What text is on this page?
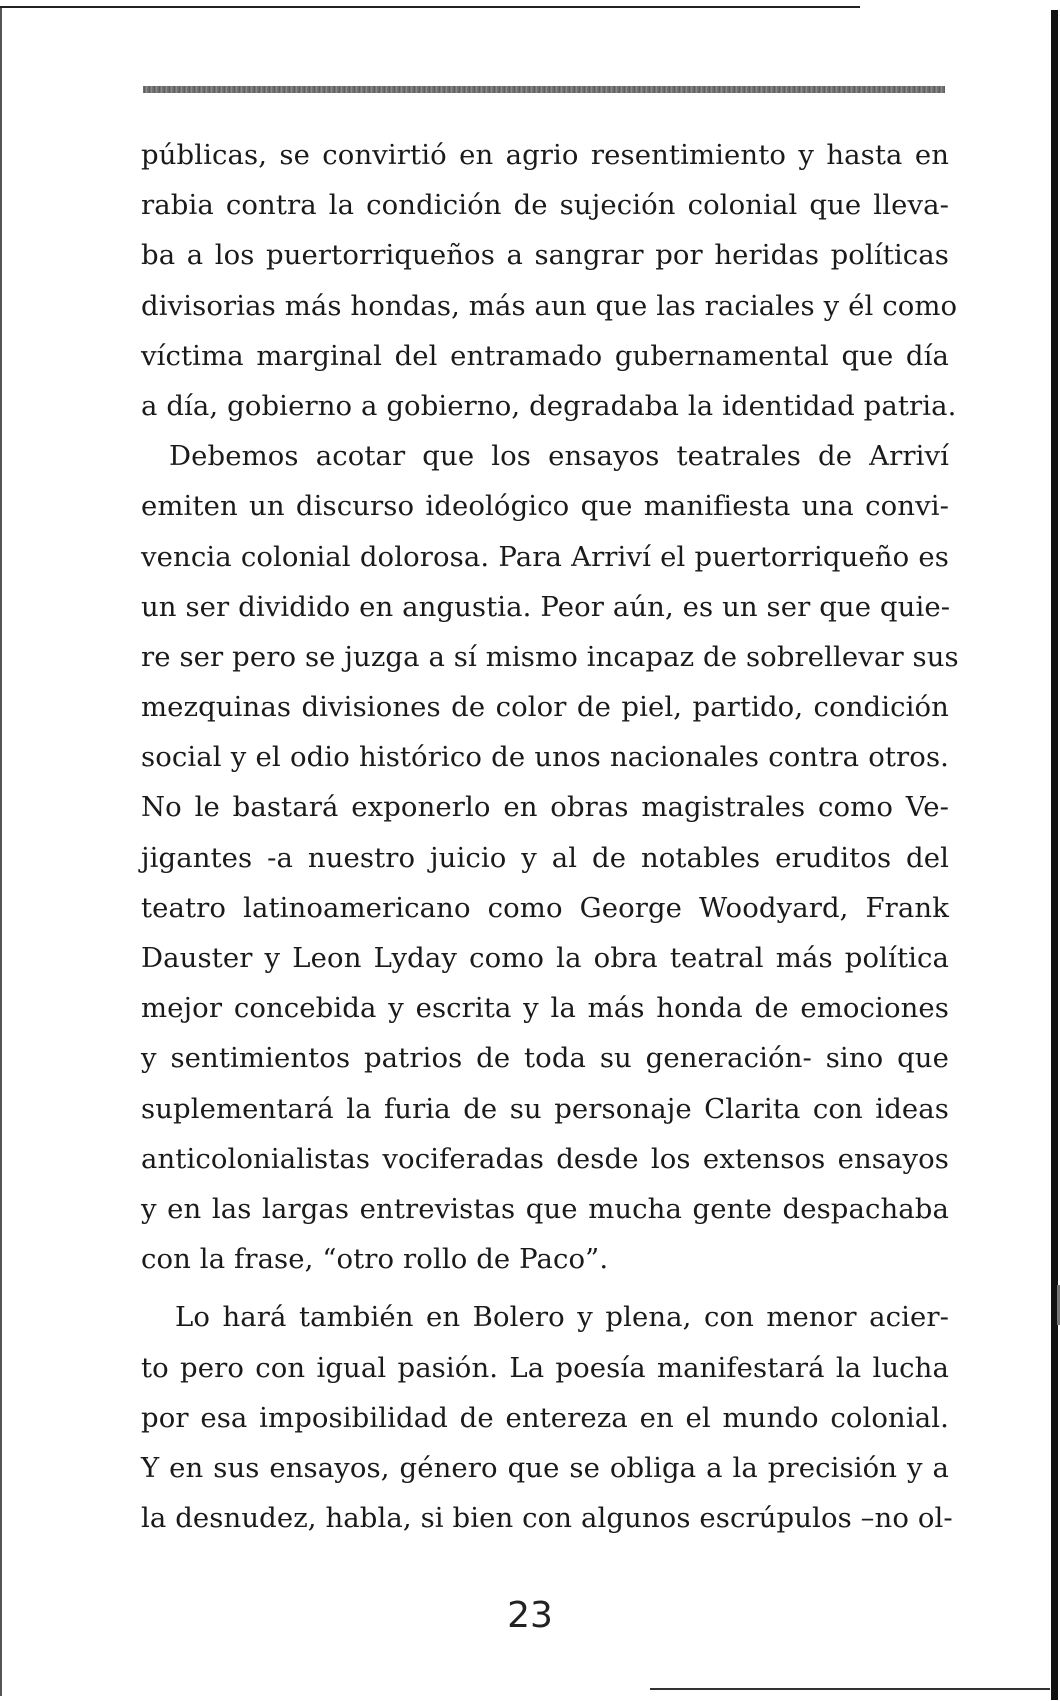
públicas, se convirtió en agrio resentimiento y hasta en
rabia contra la condición de sujeción colonial que lleva-
ba a los puertorriqueños a sangrar por heridas políticas
divisorias más hondas, más aun que las raciales y él como
víctima marginal del entramado gubernamental que día
a día, gobierno a gobierno, degradaba la identidad patria.
Debemos acotar que los ensayos teatrales de Arriví
emiten un discurso ideológico que manifiesta una convi-
vencia colonial dolorosa. Para Arriví el puertorriqueño es
un ser dividido en angustia. Peor aún, es un ser que quie-
re ser pero se juzga a sí mismo incapaz de sobrellevar sus
mezquinas divisiones de color de piel, partido, condición
social y el odio histórico de unos nacionales contra otros.
No le bastará exponerlo en obras magistrales como Ve-
jigantes -a nuestro juicio y al de notables eruditos del
teatro latinoamericano como George Woodyard, Frank
Dauster y Leon Lyday como la obra teatral más política
mejor concebida y escrita y la más honda de emociones
y sentimientos patrios de toda su generación- sino que
suplementará la furia de su personaje Clarita con ideas
anticolonialistas vociferadas desde los extensos ensayos
y en las largas entrevistas que mucha gente despachaba
con la frase, “otro rollo de Paco”.
Lo hará también en Bolero y plena, con menor acier-
to pero con igual pasión. La poesía manifestará la lucha
por esa imposibilidad de entereza en el mundo colonial.
Y en sus ensayos, género que se obliga a la precisión y a
la desnudez, habla, si bien con algunos escrúpulos –no ol-
23
